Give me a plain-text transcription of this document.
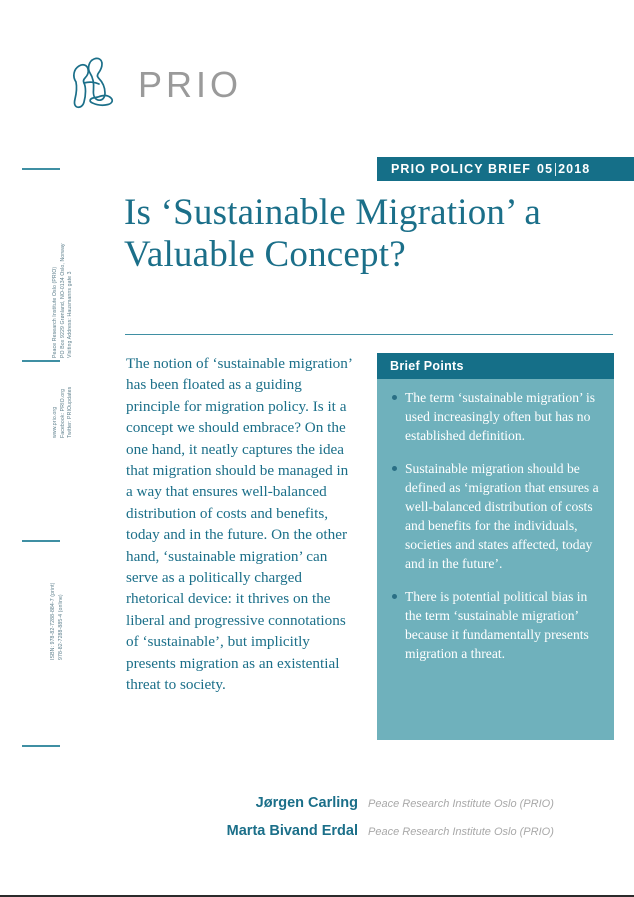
PRIO
Peace Research Institute Oslo (PRIO) PO Box 9229 Grønland, NO-0134 Oslo, Norway Visiting Address: Hausmanns gate 3
www.prio.org Facebook: PRIO.org Twitter: PRIOupdates
ISBN: 978-82-7288-884-7 (print) 978-82-7288-885-4 (online)
PRIO POLICY BRIEF 05 2018
Is ‘Sustainable Migration’ a Valuable Concept?
The notion of ‘sustainable migration’ has been floated as a guiding principle for migration policy. Is it a concept we should embrace? On the one hand, it neatly captures the idea that migration should be managed in a way that ensures well-balanced distribution of costs and benefits, today and in the future. On the other hand, ‘sustainable migration’ can serve as a politically charged rhetorical device: it thrives on the liberal and progressive connotations of ‘sustainable’, but implicitly presents migration as an existential threat to society.
Brief Points
The term ‘sustainable migration’ is used increasingly often but has no established definition.
Sustainable migration should be defined as ‘migration that ensures a well-balanced distribution of costs and benefits for the individuals, societies and states affected, today and in the future’.
There is potential political bias in the term ‘sustainable migration’ because it fundamentally presents migration a threat.
Jørgen Carling Peace Research Institute Oslo (PRIO)
Marta Bivand Erdal Peace Research Institute Oslo (PRIO)
